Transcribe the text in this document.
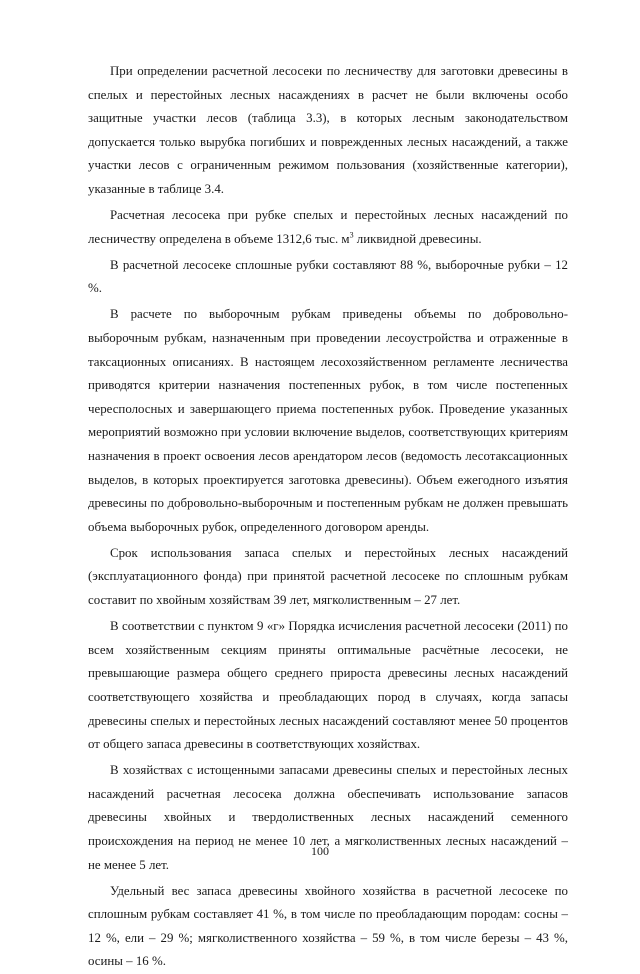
При определении расчетной лесосеки по лесничеству для заготовки древесины в спелых и перестойных лесных насаждениях в расчет не были включены особо защитные участки лесов (таблица 3.3), в которых лесным законодательством допускается только вырубка погибших и поврежденных лесных насаждений, а также участки лесов с ограниченным режимом пользования (хозяйственные категории), указанные в таблице 3.4.

Расчетная лесосека при рубке спелых и перестойных лесных насаждений по лесничеству определена в объеме 1312,6 тыс. $м^3$ ликвидной древесины.

В расчетной лесосеке сплошные рубки составляют 88 %, выборочные рубки – 12 %.

В расчете по выборочным рубкам приведены объемы по добровольно-выборочным рубкам, назначенным при проведении лесоустройства и отраженные в таксационных описаниях. В настоящем лесохозяйственном регламенте лесничества приводятся критерии назначения постепенных рубок, в том числе постепенных чересполосных и завершающего приема постепенных рубок. Проведение указанных мероприятий возможно при условии включение выделов, соответствующих критериям назначения в проект освоения лесов арендатором лесов (ведомость лесотаксационных выделов, в которых проектируется заготовка древесины). Объем ежегодного изъятия древесины по добровольно-выборочным и постепенным рубкам не должен превышать объема выборочных рубок, определенного договором аренды.

Срок использования запаса спелых и перестойных лесных насаждений (эксплуатационного фонда) при принятой расчетной лесосеке по сплошным рубкам составит по хвойным хозяйствам 39 лет, мягколиственным – 27 лет.

В соответствии с пунктом 9 «г» Порядка исчисления расчетной лесосеки (2011) по всем хозяйственным секциям приняты оптимальные расчётные лесосеки, не превышающие размера общего среднего прироста древесины лесных насаждений соответствующего хозяйства и преобладающих пород в случаях, когда запасы древесины спелых и перестойных лесных насаждений составляют менее 50 процентов от общего запаса древесины в соответствующих хозяйствах.

В хозяйствах с истощенными запасами древесины спелых и перестойных лесных насаждений расчетная лесосека должна обеспечивать использование запасов древесины хвойных и твердолиственных лесных насаждений семенного происхождения на период не менее 10 лет, а мягколиственных лесных насаждений – не менее 5 лет.

Удельный вес запаса древесины хвойного хозяйства в расчетной лесосеке по сплошным рубкам составляет 41 %, в том числе по преобладающим породам: сосны – 12 %, ели – 29 %; мягколиственного хозяйства – 59 %, в том числе березы – 43 %, осины – 16 %.

100
